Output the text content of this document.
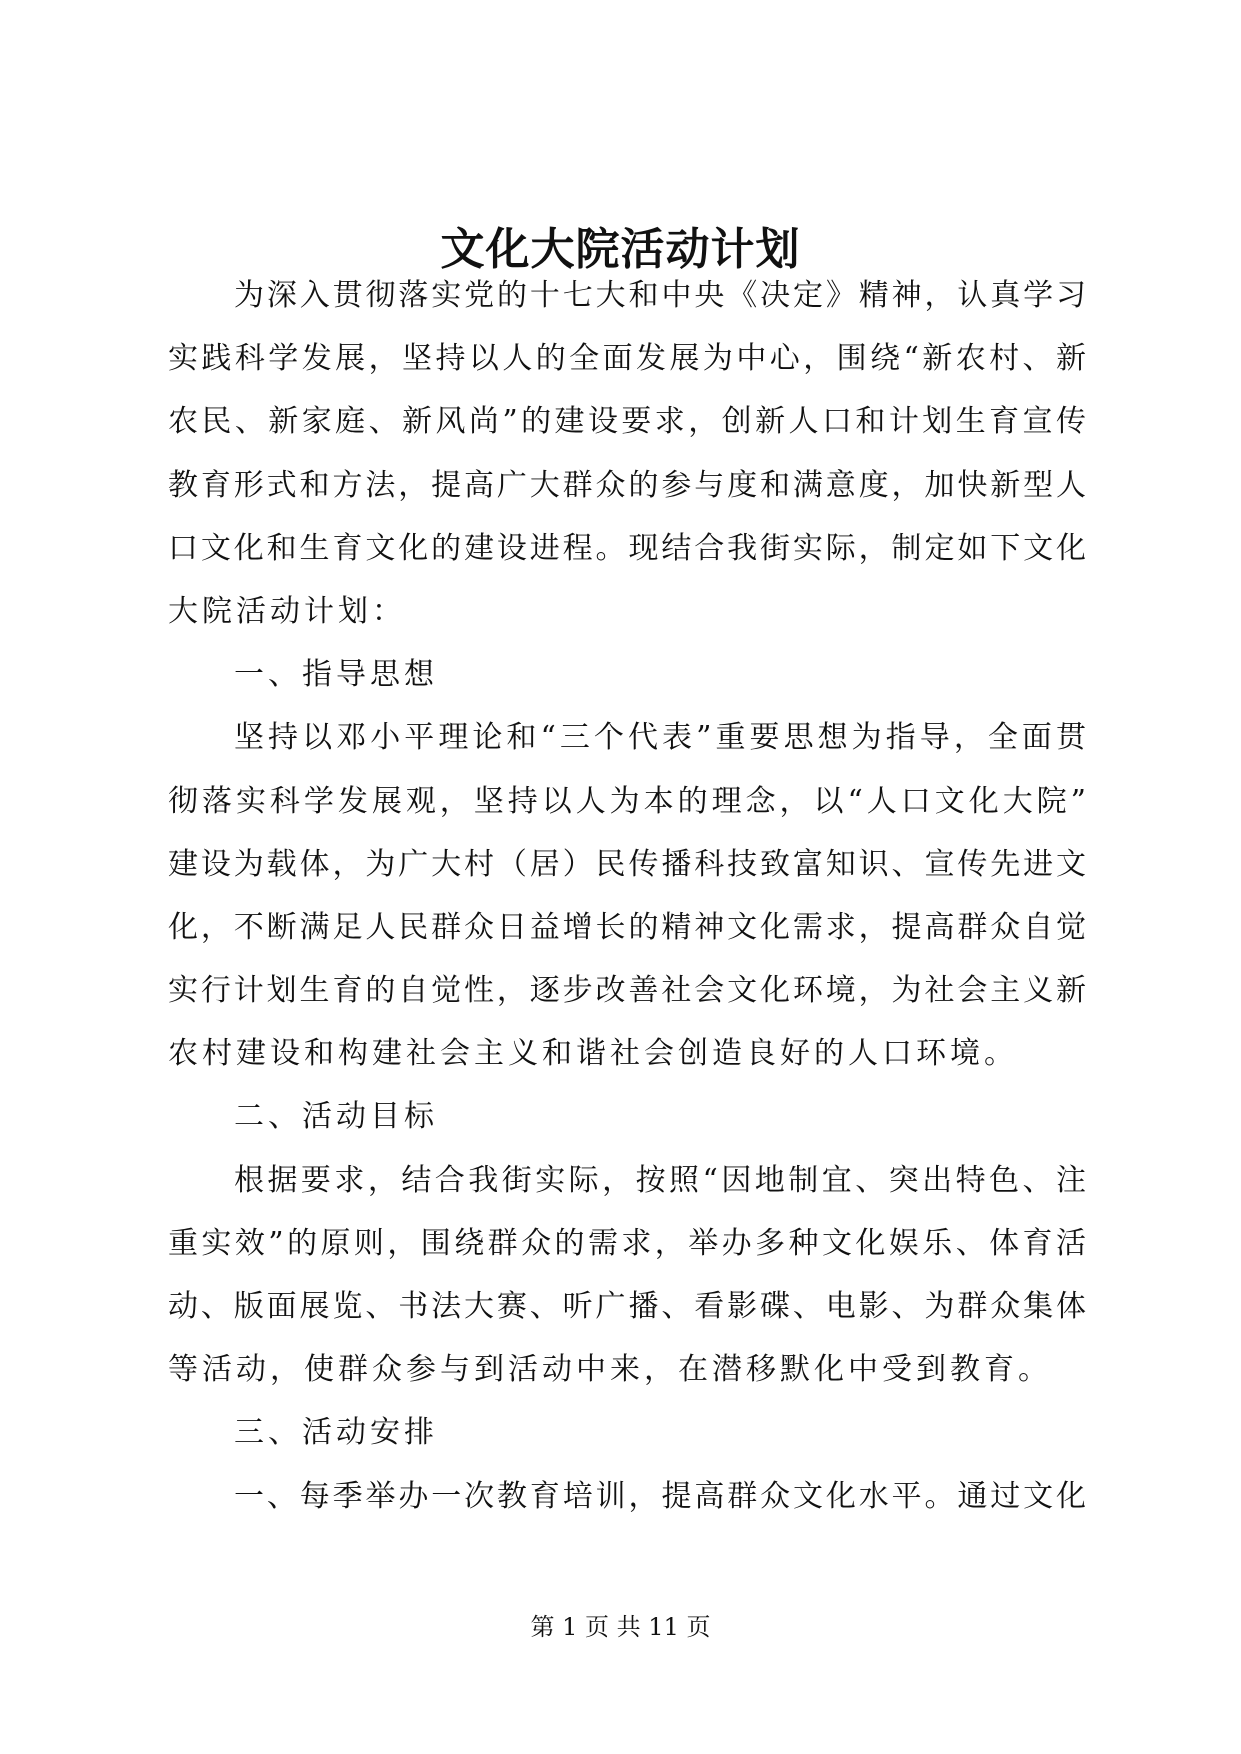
文化大院活动计划
为深入贯彻落实党的十七大和中央《决定》精神，认真学习
实践科学发展，坚持以人的全面发展为中心，围绕“新农村、新
农民、新家庭、新风尚”的建设要求，创新人口和计划生育宣传
教育形式和方法，提高广大群众的参与度和满意度，加快新型人
口文化和生育文化的建设进程。现结合我街实际，制定如下文化
大院活动计划：
一、指导思想
坚持以邓小平理论和“三个代表”重要思想为指导，全面贯
彻落实科学发展观，坚持以人为本的理念，以“人口文化大院”
建设为载体，为广大村（居）民传播科技致富知识、宣传先进文
化，不断满足人民群众日益增长的精神文化需求，提高群众自觉
实行计划生育的自觉性，逐步改善社会文化环境，为社会主义新
农村建设和构建社会主义和谐社会创造良好的人口环境。
二、活动目标
根据要求，结合我街实际，按照“因地制宜、突出特色、注
重实效”的原则，围绕群众的需求，举办多种文化娱乐、体育活
动、版面展览、书法大赛、听广播、看影碟、电影、为群众集体
等活动，使群众参与到活动中来，在潜移默化中受到教育。
三、活动安排
一、每季举办一次教育培训，提高群众文化水平。通过文化
第 1 页 共 11 页
